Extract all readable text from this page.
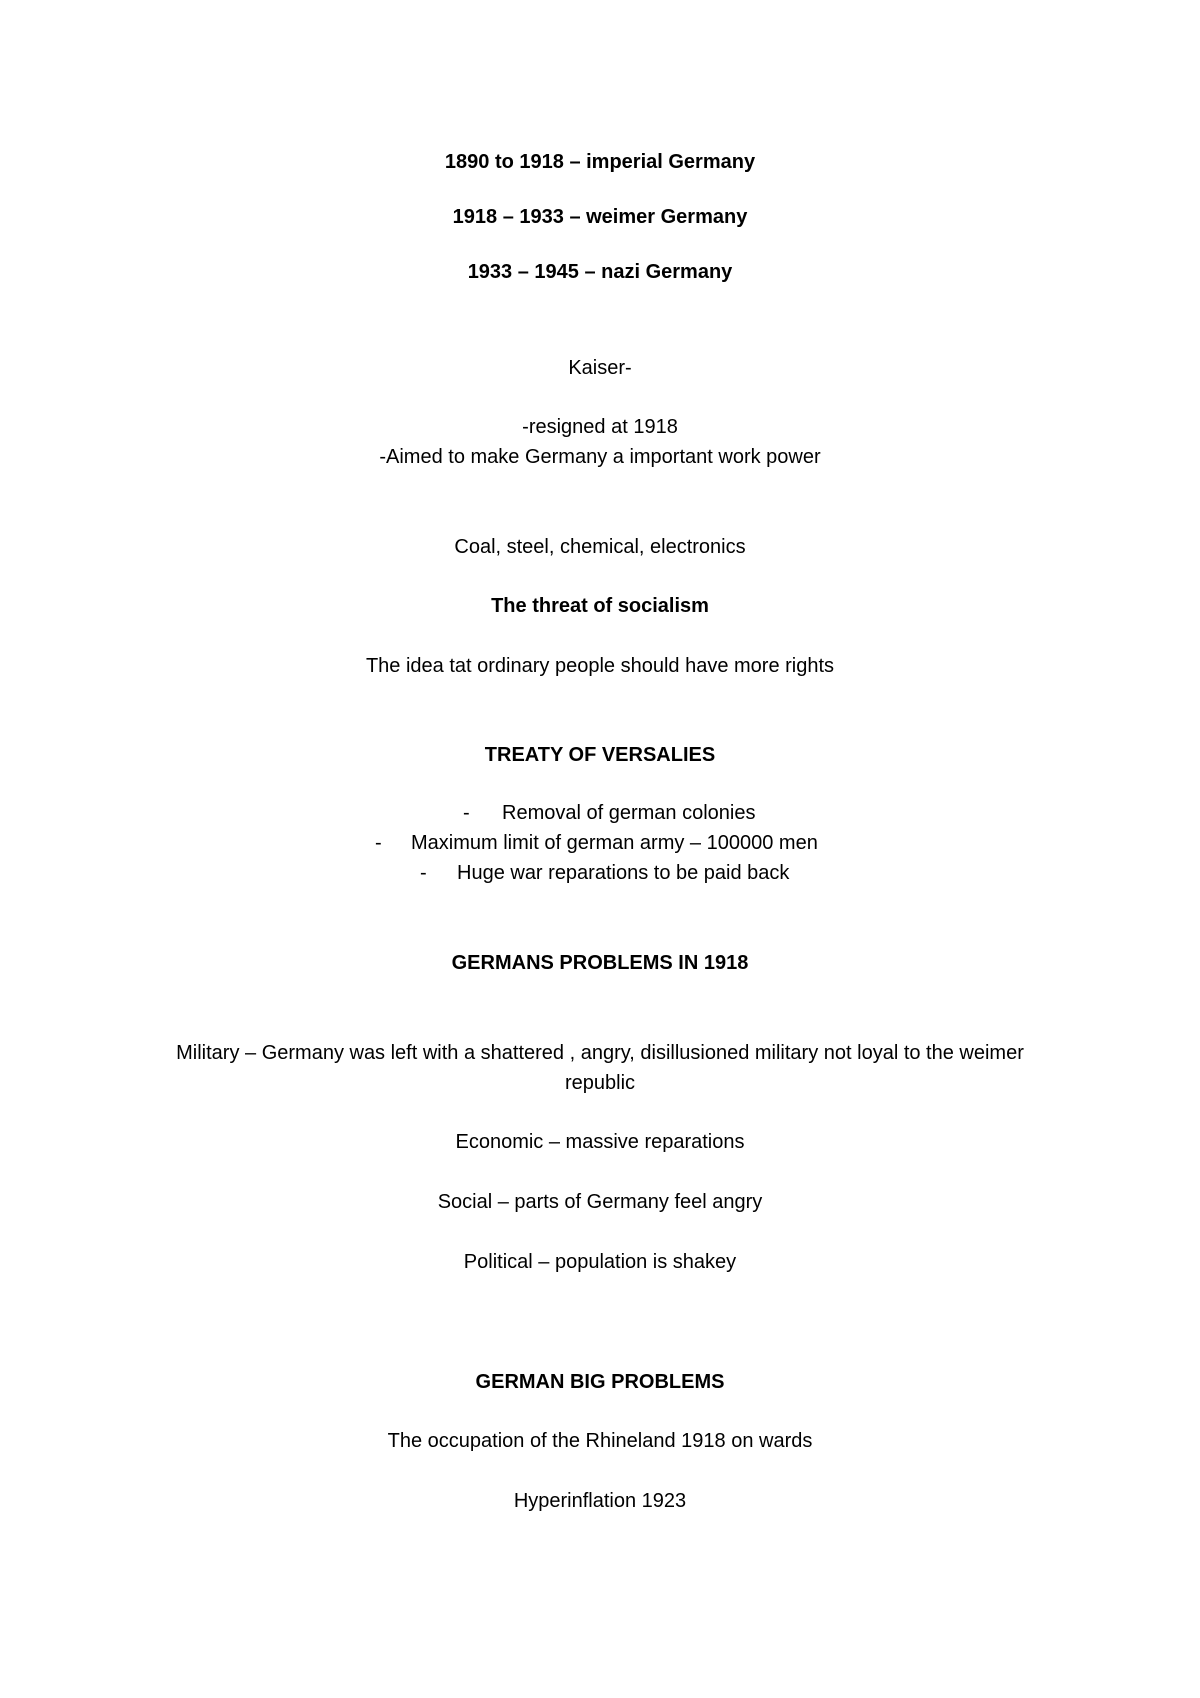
1890 to 1918 – imperial Germany
1918 – 1933 – weimer Germany
1933 – 1945 – nazi Germany
Kaiser-
-resigned at 1918
-Aimed to make Germany a important work power
Coal, steel, chemical, electronics
The threat of socialism
The idea tat ordinary people should have more rights
TREATY OF VERSALIES
- Removal of german colonies
- Maximum limit of german army – 100000 men
- Huge war reparations to be paid back
GERMANS PROBLEMS IN 1918
Military – Germany was left with a shattered , angry, disillusioned military not loyal to the weimer republic
Economic – massive reparations
Social – parts of Germany feel angry
Political – population is shakey
GERMAN BIG PROBLEMS
The occupation of the Rhineland 1918 on wards
Hyperinflation 1923
